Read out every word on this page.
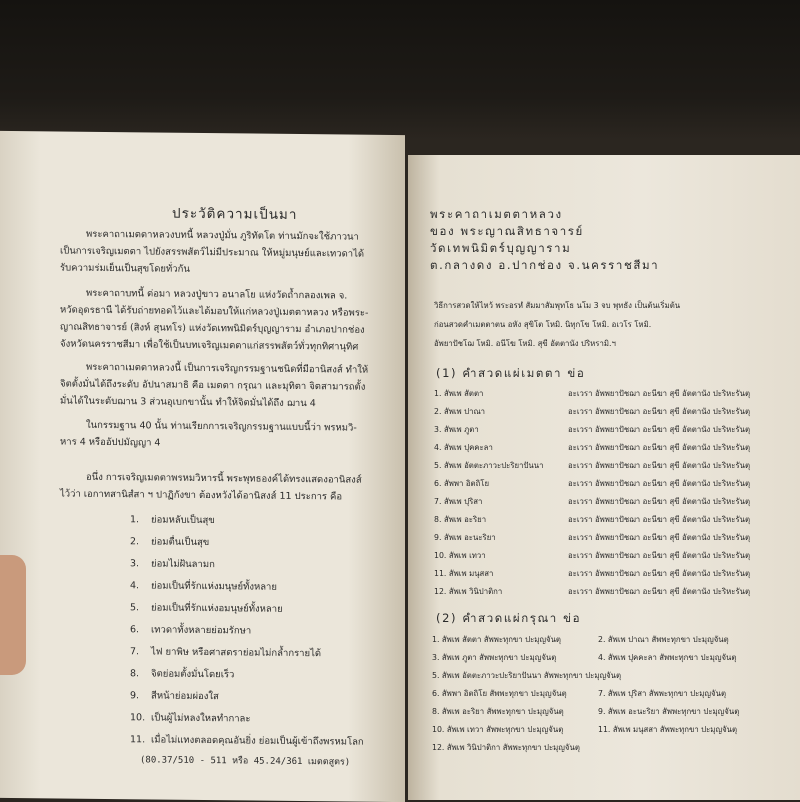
ประวัติความเป็นมา
พระคาถาเมตตาหลวงบทนี้ หลวงปู่มั่น ภูริทัตโต ท่านมักจะใช้ภาวนา
เป็นการเจริญเมตตา ไปยังสรรพสัตว์ไม่มีประมาณ ให้หมู่มนุษย์และเทวดาได้
รับความร่มเย็นเป็นสุขโดยทั่วกัน
พระคาถาบทนี้ ต่อมา หลวงปู่ขาว อนาลโย แห่งวัดถ้ำกลองเพล จ.
หวัดอุดรธานี ได้รับถ่ายทอดไว้และได้มอบให้แก่หลวงปู่เมตตาหลวง หรือพระ-
ญาณสิทธาจารย์ (สิงห์ สุนทโร) แห่งวัดเทพนิมิตร์บุญญาราม อำเภอปากช่อง
จังหวัดนครราชสีมา เพื่อใช้เป็นบทเจริญเมตตาแก่สรรพสัตว์ทั่วทุกทิศานุทิศ
พระคาถาเมตตาหลวงนี้ เป็นการเจริญกรรมฐานชนิดที่มีอานิสงส์ ทำให้
จิตตั้งมั่นได้ถึงระดับ อัปนาสมาธิ คือ เมตตา กรุณา และมุทิตา จิตสามารถตั้ง
มั่นได้ในระดับฌาน 3 ส่วนอุเบกขานั้น ทำให้จิตมั่นได้ถึง ฌาน 4
ในกรรมฐาน 40 นั้น ท่านเรียกการเจริญกรรมฐานแบบนี้ว่า พรหมวิ-
หาร 4 หรืออัปปมัญญา 4
อนึ่ง การเจริญเมตตาพรหมวิหารนี้ พระพุทธองค์ได้ทรงแสดงอานิสงส์
ไว้ว่า เอกาทสานิสํสา ฯ ปาฏิกังขา ต้องหวังได้อานิสงส์ 11 ประการ คือ
1. ย่อมหลับเป็นสุข
2. ย่อมตื่นเป็นสุข
3. ย่อมไม่ฝันลามก
4. ย่อมเป็นที่รักแห่งมนุษย์ทั้งหลาย
5. ย่อมเป็นที่รักแห่งอมนุษย์ทั้งหลาย
6. เทวดาทั้งหลายย่อมรักษา
7. ไฟ ยาพิษ หรือศาสตราย่อมไม่กล้ำกรายได้
8. จิตย่อมตั้งมั่นโดยเร็ว
9. สีหน้าย่อมผ่องใส
10. เป็นผู้ไม่หลงใหลทำกาละ
11. เมื่อไม่แทงตลอดคุณอันยิ่ง ย่อมเป็นผู้เข้าถึงพรหมโลก
(80.37/510 - 511 หรือ 45.24/361 เมตตสูตร)
พระคาถาเมตตาหลวง
ของ พระญาณสิทธาจารย์
วัดเทพนิมิตร์บุญญาราม
ต.กลางดง อ.ปากช่อง จ.นครราชสีมา
วิธีการสวดให้ไหว้ พระอรหํ สัมมาสัมพุทโธ นโม 3 จบ พุทธัง เป็นต้นเริ่มต้น
ก่อนสวดคำเมตตาตน อหัง สุขิโต โหมิ. นิทุกโข โหมิ. อเวโร โหมิ.
อัพยาปัชโฌ โหมิ. อนีโฆ โหมิ. สุขี อัตตานัง ปริหรามิ.ฯ
(1) คำสวดแผ่เมตตา ข่อ
1. สัพเพ สัตตา	อะเวรา อัพพยาปัชฌา อะนีฆา สุขี อัตตานัง ปะริหะรันตุ
2. สัพเพ ปาณา	อะเวรา อัพพยาปัชฌา อะนีฆา สุขี อัตตานัง ปะริหะรันตุ
3. สัพเพ ภูตา	อะเวรา อัพพยาปัชฌา อะนีฆา สุขี อัตตานัง ปะริหะรันตุ
4. สัพเพ ปุคคะลา	อะเวรา อัพพยาปัชฌา อะนีฆา สุขี อัตตานัง ปะริหะรันตุ
5. สัพเพ อัตตะภาวะปะริยาปันนา	อะเวรา อัพพยาปัชฌา อะนีฆา สุขี อัตตานัง ปะริหะรันตุ
6. สัพพา อิตถิโย	อะเวรา อัพพยาปัชฌา อะนีฆา สุขี อัตตานัง ปะริหะรันตุ
7. สัพเพ ปุริสา	อะเวรา อัพพยาปัชฌา อะนีฆา สุขี อัตตานัง ปะริหะรันตุ
8. สัพเพ อะริยา	อะเวรา อัพพยาปัชฌา อะนีฆา สุขี อัตตานัง ปะริหะรันตุ
9. สัพเพ อะนะริยา	อะเวรา อัพพยาปัชฌา อะนีฆา สุขี อัตตานัง ปะริหะรันตุ
10. สัพเพ เทวา	อะเวรา อัพพยาปัชฌา อะนีฆา สุขี อัตตานัง ปะริหะรันตุ
11. สัพเพ มนุสสา	อะเวรา อัพพยาปัชฌา อะนีฆา สุขี อัตตานัง ปะริหะรันตุ
12. สัพเพ วินิปาติกา	อะเวรา อัพพยาปัชฌา อะนีฆา สุขี อัตตานัง ปะริหะรันตุ
(2) คำสวดแผ่กรุณา ข่อ
1. สัพเพ สัตตา สัพพะทุกขา ปะมุญจันตุ	2. สัพเพ ปาณา สัพพะทุกขา ปะมุญจันตุ
3. สัพเพ ภูตา สัพพะทุกขา ปะมุญจันตุ	4. สัพเพ ปุคคะลา สัพพะทุกขา ปะมุญจันตุ
5. สัพเพ อัตตะภาวะปะริยาปันนา สัพพะทุกขา ปะมุญจันตุ
6. สัพพา อิตถิโย สัพพะทุกขา ปะมุญจันตุ	7. สัพเพ ปุริสา สัพพะทุกขา ปะมุญจันตุ
8. สัพเพ อะริยา สัพพะทุกขา ปะมุญจันตุ	9. สัพเพ อะนะริยา สัพพะทุกขา ปะมุญจันตุ
10. สัพเพ เทวา สัพพะทุกขา ปะมุญจันตุ	11. สัพเพ มนุสสา สัพพะทุกขา ปะมุญจันตุ
12. สัพเพ วินิปาติกา สัพพะทุกขา ปะมุญจันตุ
